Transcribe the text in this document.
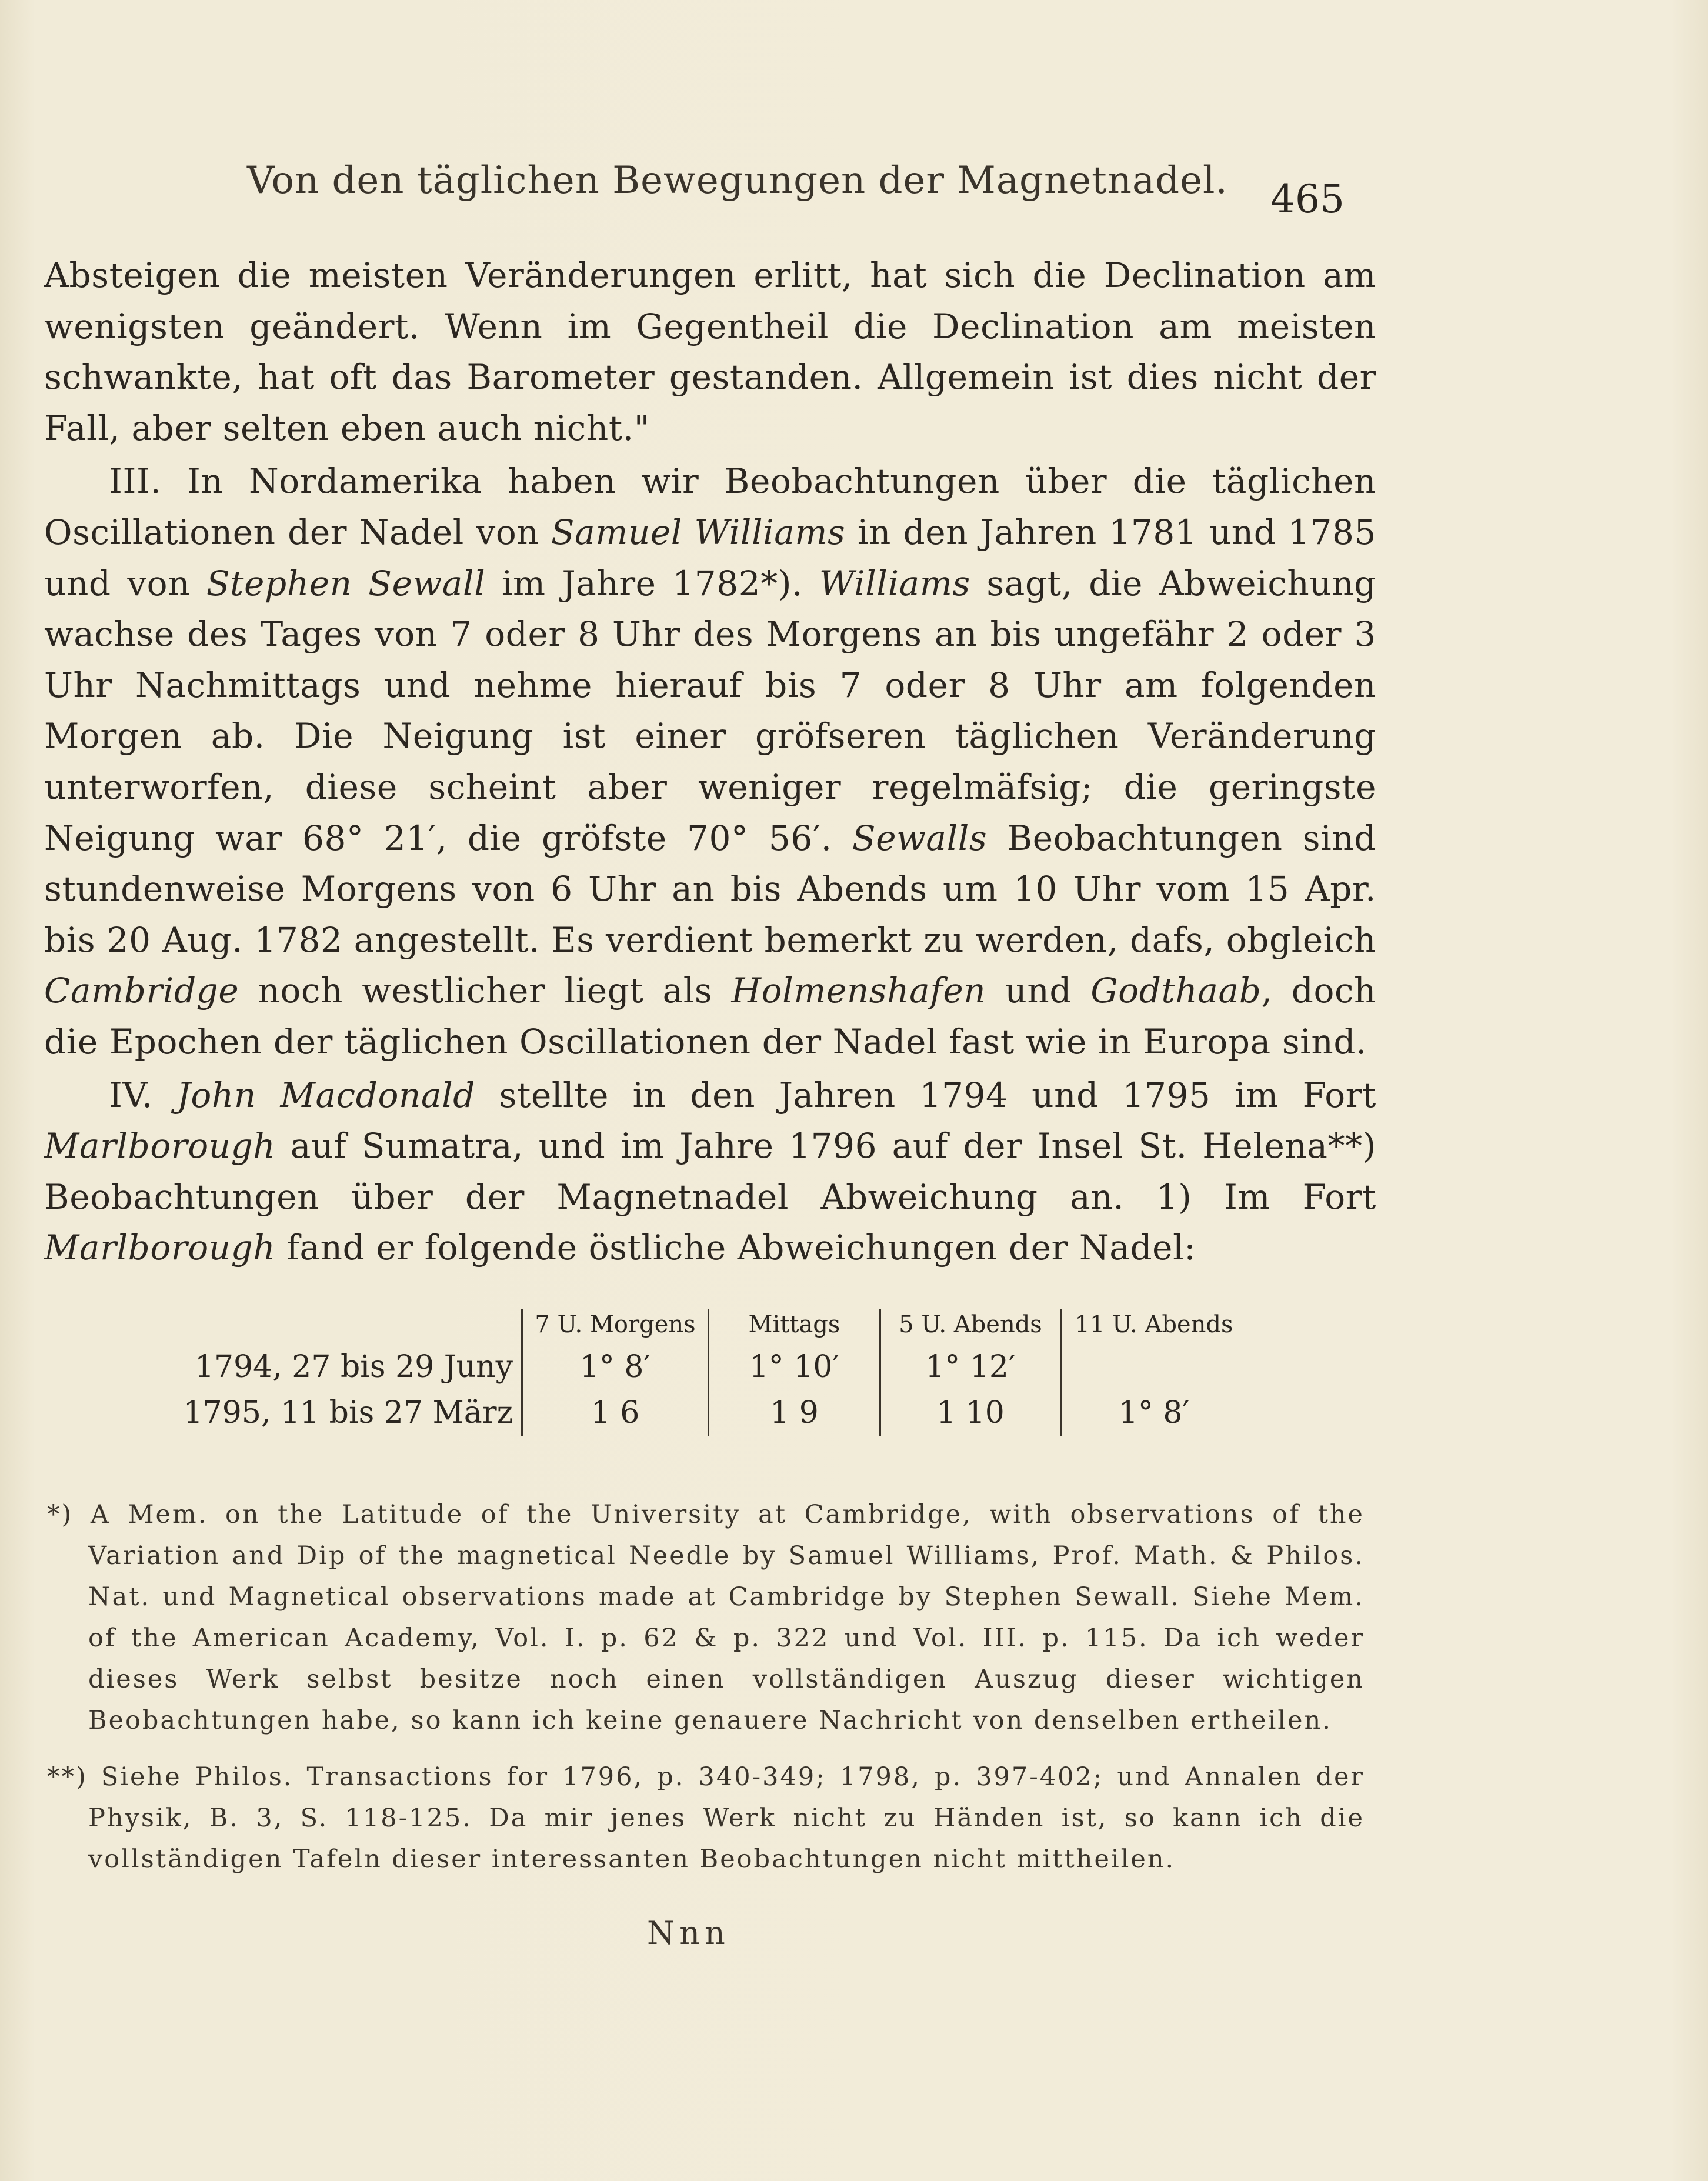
Von den täglichen Bewegungen der Magnetnadel.	465

Absteigen die meisten Veränderungen erlitt, hat sich die Declination am wenigsten geändert. Wenn im Gegentheil die Declination am meisten schwankte, hat oft das Barometer gestanden. Allgemein ist dies nicht der Fall, aber selten eben auch nicht."

III. In Nordamerika haben wir Beobachtungen über die täglichen Oscillationen der Nadel von Samuel Williams in den Jahren 1781 und 1785 und von Stephen Sewall im Jahre 1782*). Williams sagt, die Abweichung wachse des Tages von 7 oder 8 Uhr des Morgens an bis ungefähr 2 oder 3 Uhr Nachmittags und nehme hierauf bis 7 oder 8 Uhr am folgenden Morgen ab. Die Neigung ist einer gröfseren täglichen Veränderung unterworfen, diese scheint aber weniger regelmäfsig; die geringste Neigung war 68° 21′, die gröfste 70° 56′. Sewalls Beobachtungen sind stundenweise Morgens von 6 Uhr an bis Abends um 10 Uhr vom 15 Apr. bis 20 Aug. 1782 angestellt. Es verdient bemerkt zu werden, dafs, obgleich Cambridge noch westlicher liegt als Holmenshafen und Godthaab, doch die Epochen der täglichen Oscillationen der Nadel fast wie in Europa sind.

IV. John Macdonald stellte in den Jahren 1794 und 1795 im Fort Marlborough auf Sumatra, und im Jahre 1796 auf der Insel St. Helena**) Beobachtungen über der Magnetnadel Abweichung an. 1) Im Fort Marlborough fand er folgende östliche Abweichungen der Nadel:

	7 U. Morgens	Mittags	5 U. Abends	11 U. Abends
1794, 27 bis 29 Juny	1° 8′	1° 10′	1° 12′	
1795, 11 bis 27 März	1 6	1 9	1 10	1° 8′

*) A Mem. on the Latitude of the University at Cambridge, with observations of the Variation and Dip of the magnetical Needle by Samuel Williams, Prof. Math. & Philos. Nat. und Magnetical observations made at Cambridge by Stephen Sewall. Siehe Mem. of the American Academy, Vol. I. p. 62 & p. 322 und Vol. III. p. 115. Da ich weder dieses Werk selbst besitze noch einen vollständigen Auszug dieser wichtigen Beobachtungen habe, so kann ich keine genauere Nachricht von denselben ertheilen.

**) Siehe Philos. Transactions for 1796, p. 340-349; 1798, p. 397-402; und Annalen der Physik, B. 3, S. 118-125. Da mir jenes Werk nicht zu Händen ist, so kann ich die vollständigen Tafeln dieser interessanten Beobachtungen nicht mittheilen.

Nnn
